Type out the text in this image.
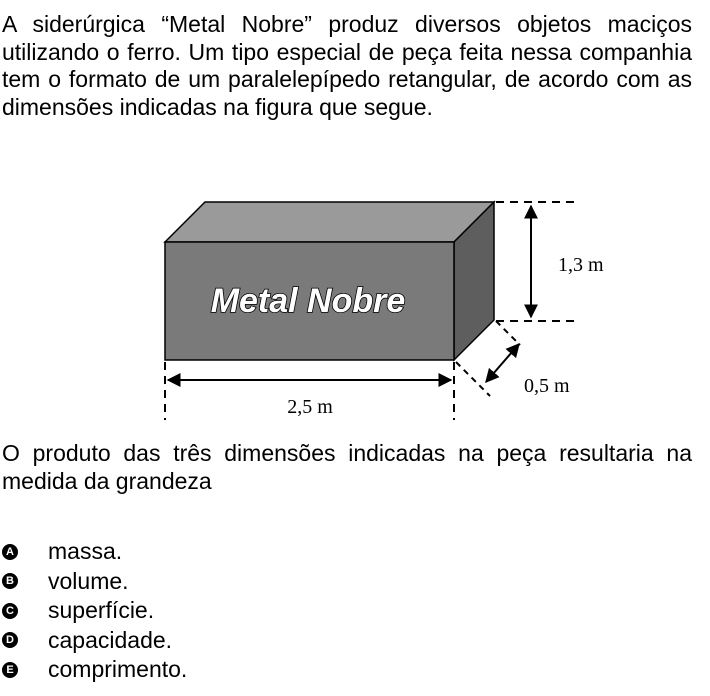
A siderúrgica “Metal Nobre” produz diversos objetos maciços utilizando o ferro. Um tipo especial de peça feita nessa companhia tem o formato de um paralelepípedo retangular, de acordo com as dimensões indicadas na figura que segue.
Metal Nobre
1,3 m
0,5 m
2,5 m
O produto das três dimensões indicadas na peça resultaria na medida da grandeza
A massa.
B volume.
C superfície.
D capacidade.
E comprimento.
